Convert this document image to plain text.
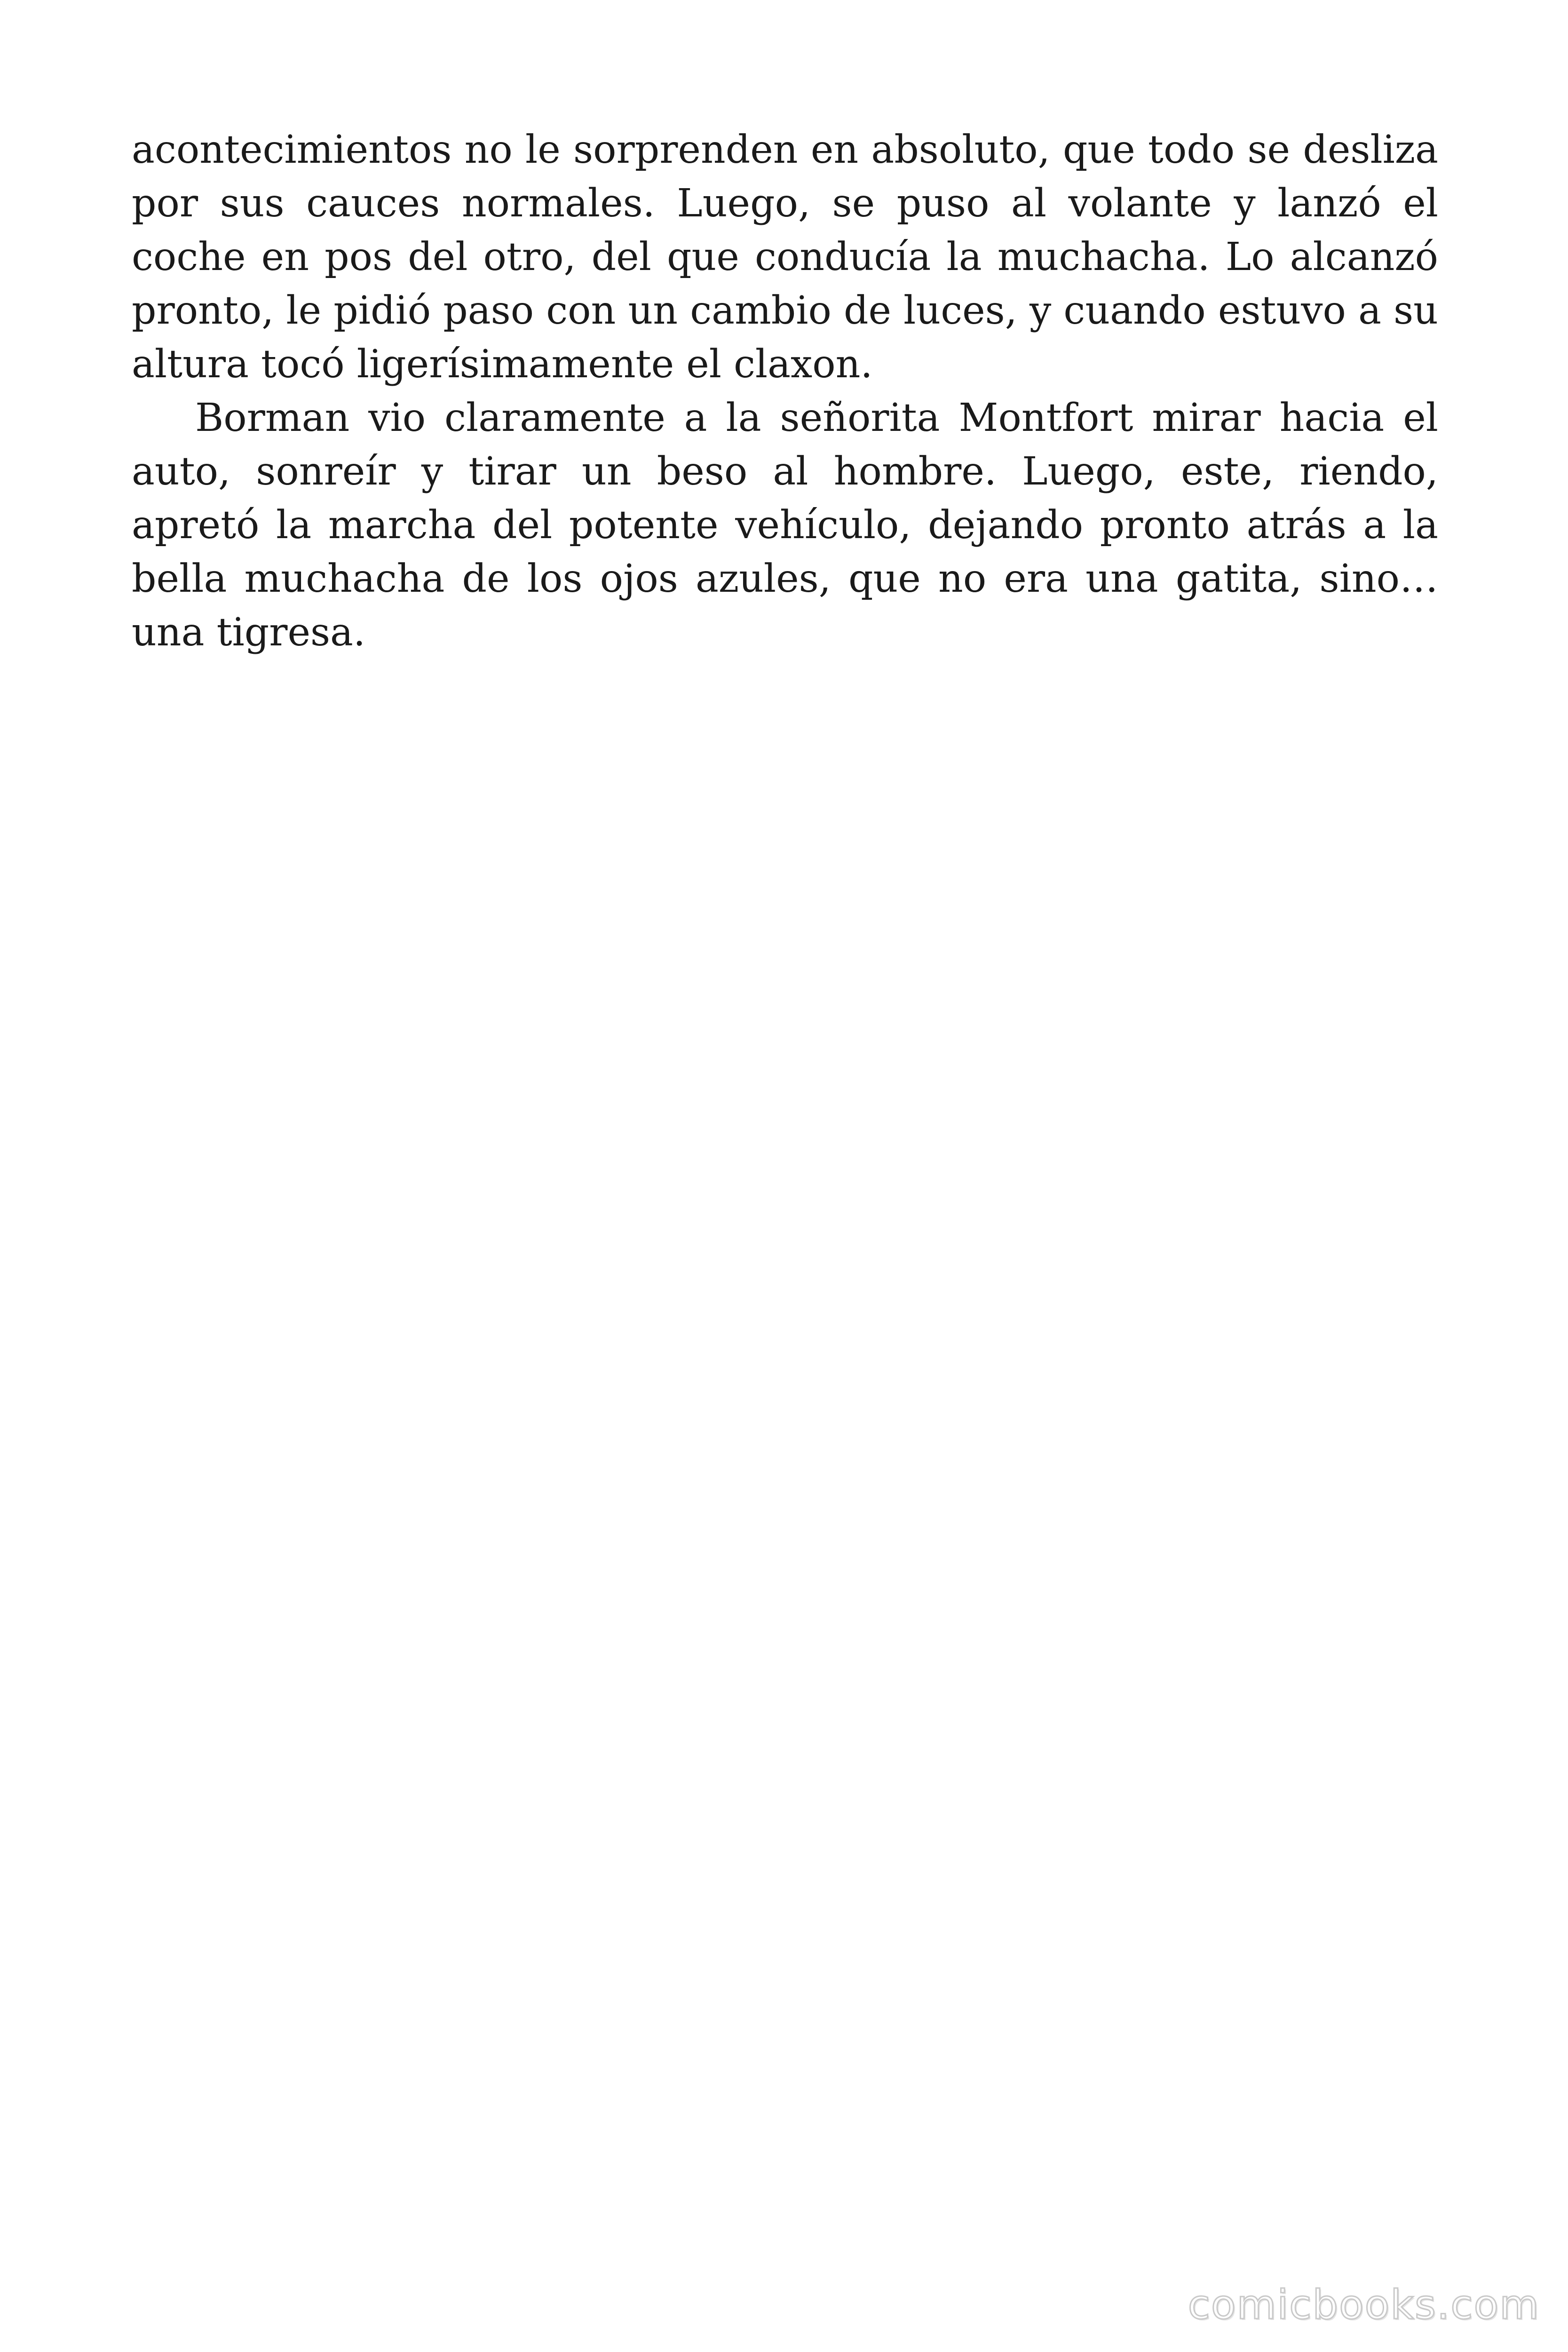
acontecimientos no le sorprenden en absoluto, que todo se desliza por sus cauces normales. Luego, se puso al volante y lanzó el coche en pos del otro, del que conducía la muchacha. Lo alcanzó pronto, le pidió paso con un cambio de luces, y cuando estuvo a su altura tocó ligerísimamente el claxon.

Borman vio claramente a la señorita Montfort mirar hacia el auto, sonreír y tirar un beso al hombre. Luego, este, riendo, apretó la marcha del potente vehículo, dejando pronto atrás a la bella muchacha de los ojos azules, que no era una gatita, sino… una tigresa.

comicbooks.com
